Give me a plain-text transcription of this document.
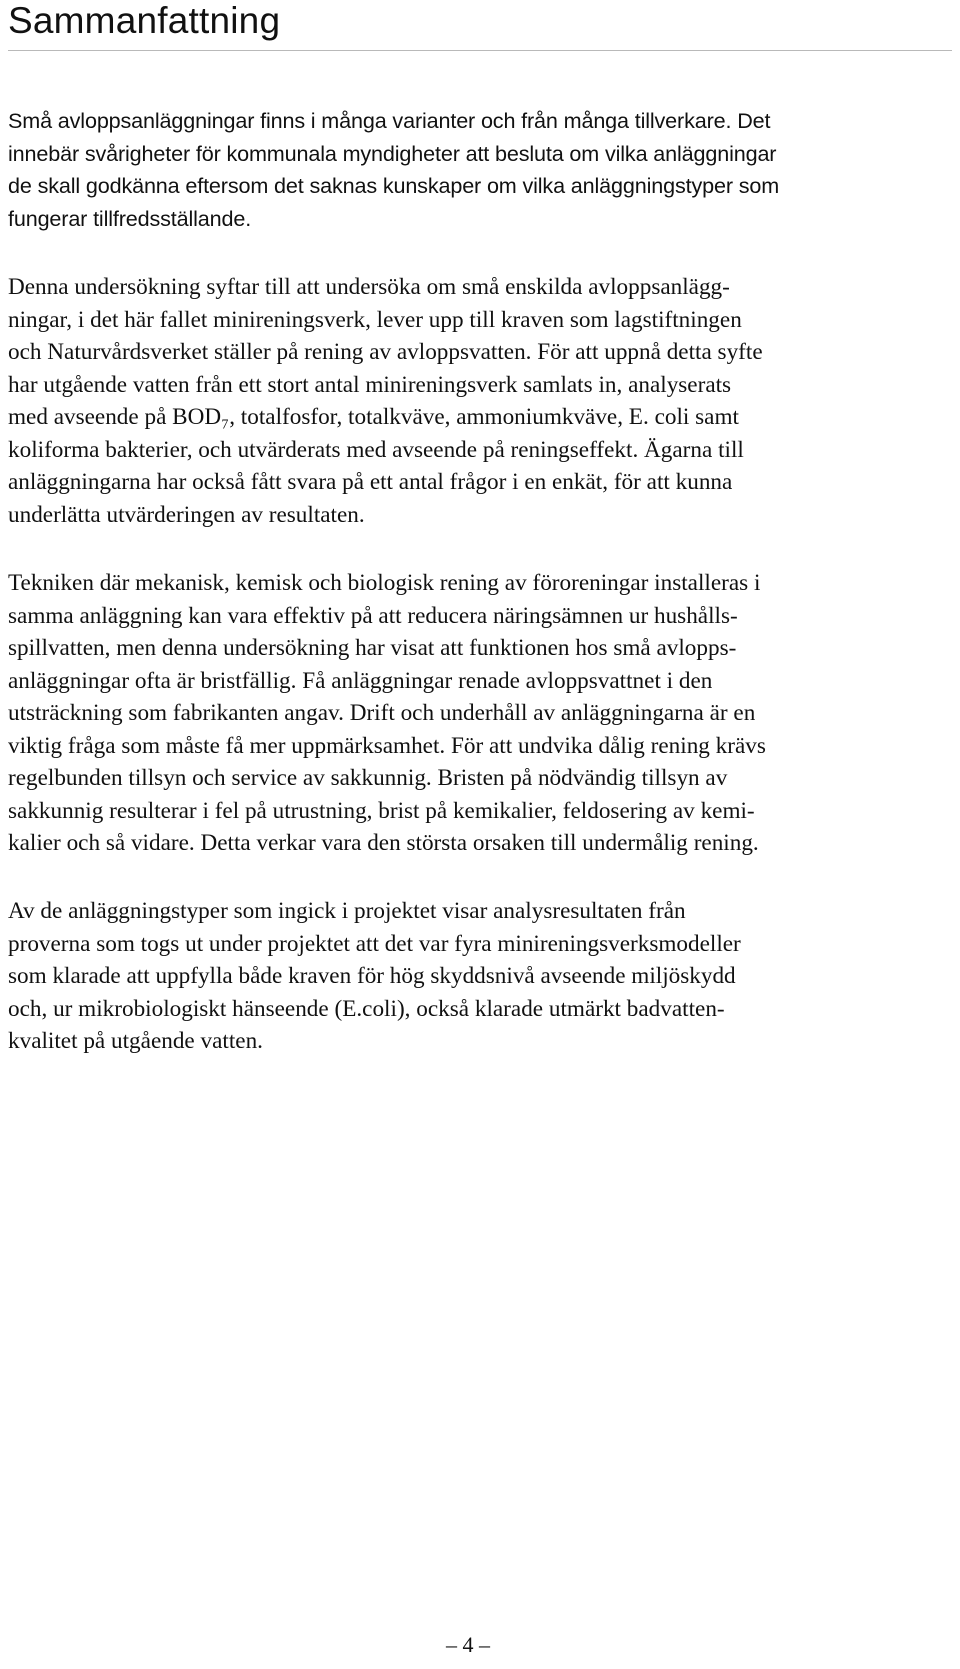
Sammanfattning
Små avloppsanläggningar finns i många varianter och från många tillverkare. Det
innebär svårigheter för kommunala myndigheter att besluta om vilka anläggningar
de skall godkänna eftersom det saknas kunskaper om vilka anläggningstyper som
fungerar tillfredsställande.
Denna undersökning syftar till att undersöka om små enskilda avloppsanlägg-
ningar, i det här fallet minireningsverk, lever upp till kraven som lagstiftningen
och Naturvårdsverket ställer på rening av avloppsvatten. För att uppnå detta syfte
har utgående vatten från ett stort antal minireningsverk samlats in, analyserats
med avseende på BOD₇, totalfosfor, totalkväve, ammoniumkväve, E. coli samt
koliforma bakterier, och utvärderats med avseende på reningseffekt. Ägarna till
anläggningarna har också fått svara på ett antal frågor i en enkät, för att kunna
underlätta utvärderingen av resultaten.
Tekniken där mekanisk, kemisk och biologisk rening av föroreningar installeras i
samma anläggning kan vara effektiv på att reducera näringsämnen ur hushålls-
spillvatten, men denna undersökning har visat att funktionen hos små avlopps-
anläggningar ofta är bristfällig. Få anläggningar renade avloppsvattnet i den
utsträckning som fabrikanten angav. Drift och underhåll av anläggningarna är en
viktig fråga som måste få mer uppmärksamhet. För att undvika dålig rening krävs
regelbunden tillsyn och service av sakkunnig. Bristen på nödvändig tillsyn av
sakkunnig resulterar i fel på utrustning, brist på kemikalier, feldosering av kemi-
kalier och så vidare. Detta verkar vara den största orsaken till undermålig rening.
Av de anläggningstyper som ingick i projektet visar analysresultaten från
proverna som togs ut under projektet att det var fyra minireningsverksmodeller
som klarade att uppfylla både kraven för hög skyddsnivå avseende miljöskydd
och, ur mikrobiologiskt hänseende (E.coli), också klarade utmärkt badvatten-
kvalitet på utgående vatten.
– 4 –
